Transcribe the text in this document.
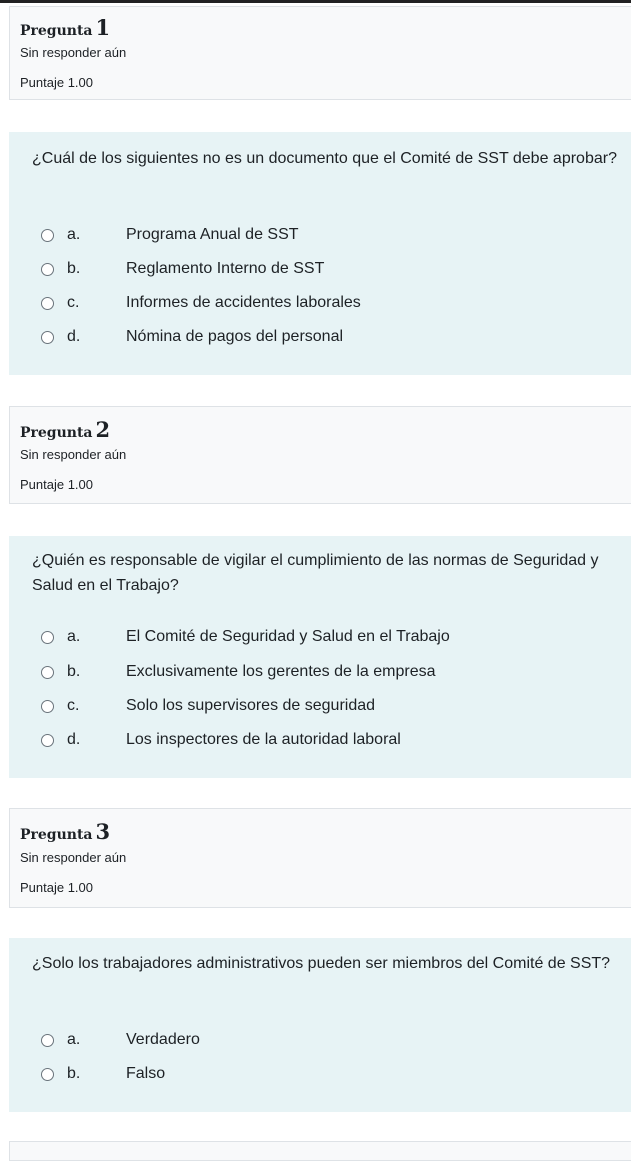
Pregunta 1
Sin responder aún
Puntaje 1.00
¿Cuál de los siguientes no es un documento que el Comité de SST debe aprobar?
a.	Programa Anual de SST
b.	Reglamento Interno de SST
c.	Informes de accidentes laborales
d.	Nómina de pagos del personal
Pregunta 2
Sin responder aún
Puntaje 1.00
¿Quién es responsable de vigilar el cumplimiento de las normas de Seguridad y Salud en el Trabajo?
a.	El Comité de Seguridad y Salud en el Trabajo
b.	Exclusivamente los gerentes de la empresa
c.	Solo los supervisores de seguridad
d.	Los inspectores de la autoridad laboral
Pregunta 3
Sin responder aún
Puntaje 1.00
¿Solo los trabajadores administrativos pueden ser miembros del Comité de SST?
a.	Verdadero
b.	Falso
